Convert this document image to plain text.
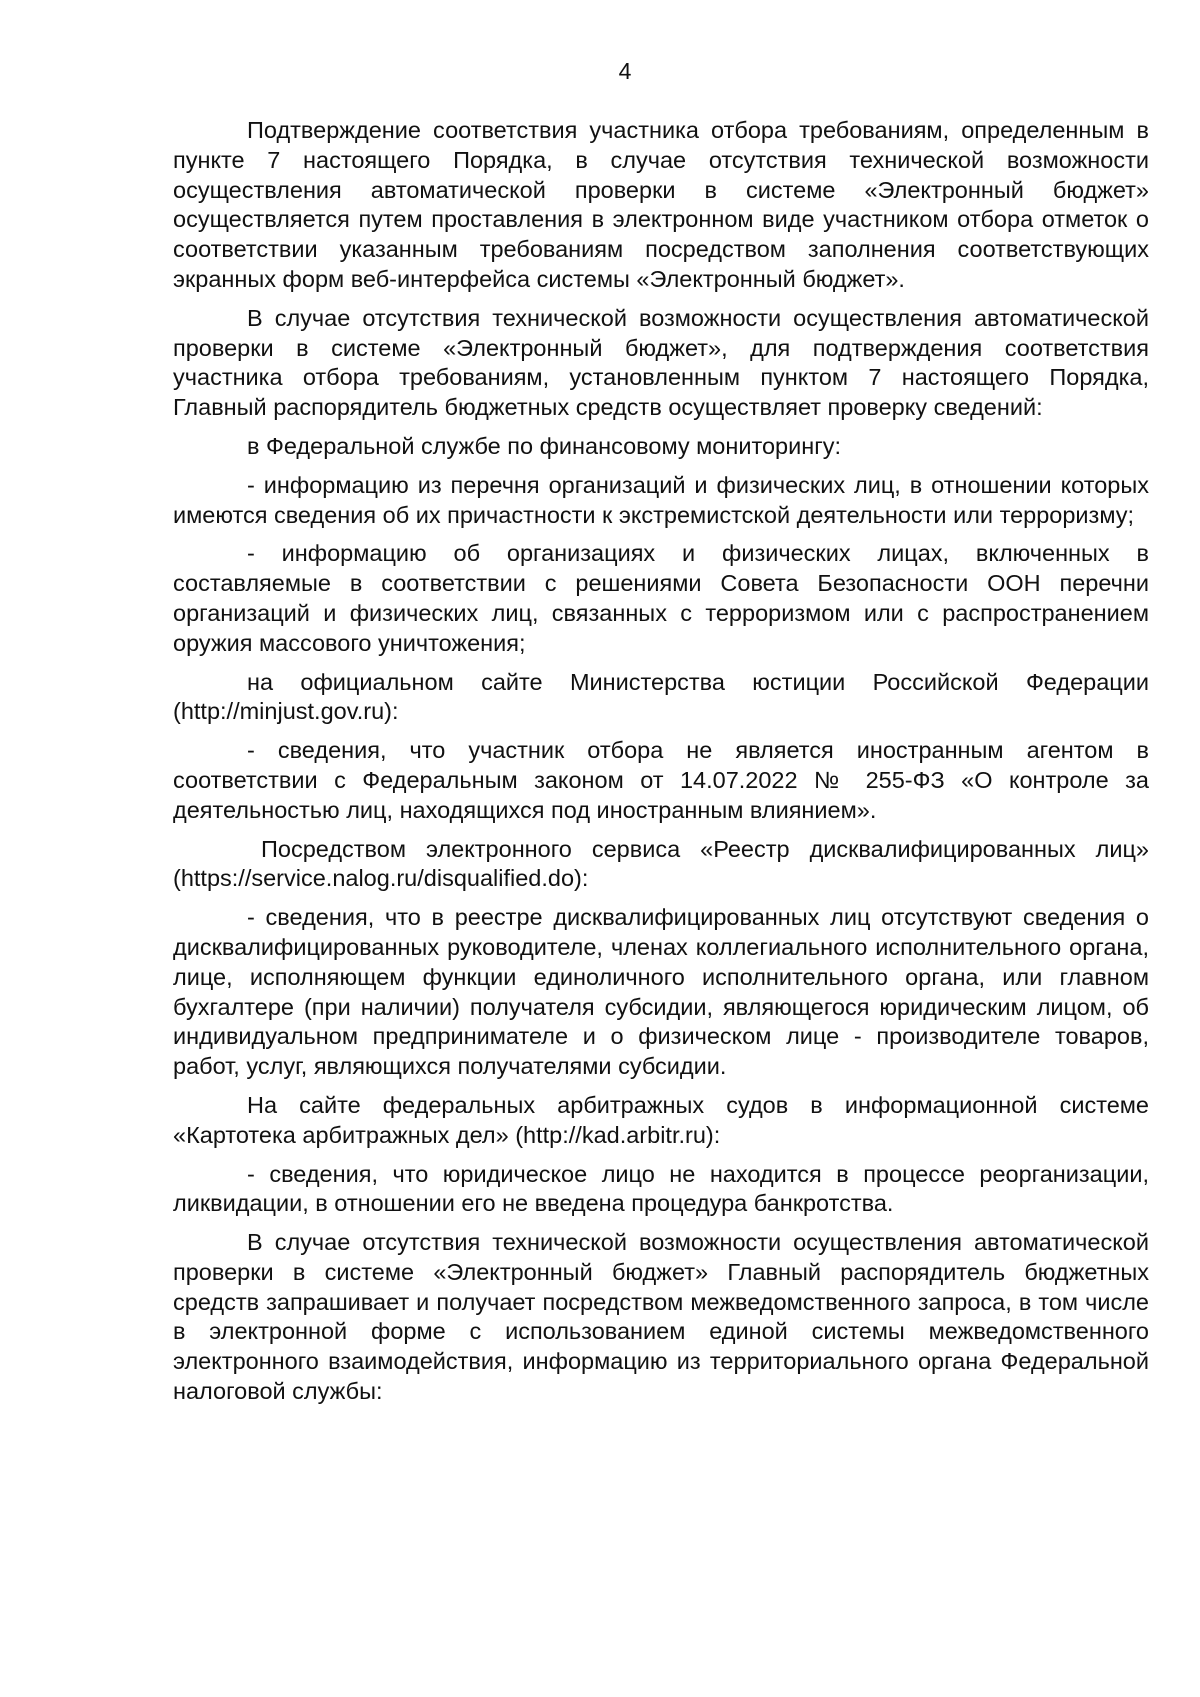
4

Подтверждение соответствия участника отбора требованиям, определенным в пункте 7 настоящего Порядка, в случае отсутствия технической возможности осуществления автоматической проверки в системе «Электронный бюджет» осуществляется путем проставления в электронном виде участником отбора отметок о соответствии указанным требованиям посредством заполнения соответствующих экранных форм веб-интерфейса системы «Электронный бюджет».

В случае отсутствия технической возможности осуществления автоматической проверки в системе «Электронный бюджет», для подтверждения соответствия участника отбора требованиям, установленным пунктом 7 настоящего Порядка, Главный распорядитель бюджетных средств осуществляет проверку сведений:

в Федеральной службе по финансовому мониторингу:

- информацию из перечня организаций и физических лиц, в отношении которых имеются сведения об их причастности к экстремистской деятельности или терроризму;

- информацию об организациях и физических лицах, включенных в составляемые в соответствии с решениями Совета Безопасности ООН перечни организаций и физических лиц, связанных с терроризмом или с распространением оружия массового уничтожения;

на официальном сайте Министерства юстиции Российской Федерации (http://minjust.gov.ru):

- сведения, что участник отбора не является иностранным агентом в соответствии с Федеральным законом от 14.07.2022 № 255-ФЗ «О контроле за деятельностью лиц, находящихся под иностранным влиянием».

Посредством электронного сервиса «Реестр дисквалифицированных лиц» (https://service.nalog.ru/disqualified.do):

- сведения, что в реестре дисквалифицированных лиц отсутствуют сведения о дисквалифицированных руководителе, членах коллегиального исполнительного органа, лице, исполняющем функции единоличного исполнительного органа, или главном бухгалтере (при наличии) получателя субсидии, являющегося юридическим лицом, об индивидуальном предпринимателе и о физическом лице - производителе товаров, работ, услуг, являющихся получателями субсидии.

На сайте федеральных арбитражных судов в информационной системе «Картотека арбитражных дел» (http://kad.arbitr.ru):

- сведения, что юридическое лицо не находится в процессе реорганизации, ликвидации, в отношении его не введена процедура банкротства.

В случае отсутствия технической возможности осуществления автоматической проверки в системе «Электронный бюджет» Главный распорядитель бюджетных средств запрашивает и получает посредством межведомственного запроса, в том числе в электронной форме с использованием единой системы межведомственного электронного взаимодействия, информацию из территориального органа Федеральной налоговой службы:
